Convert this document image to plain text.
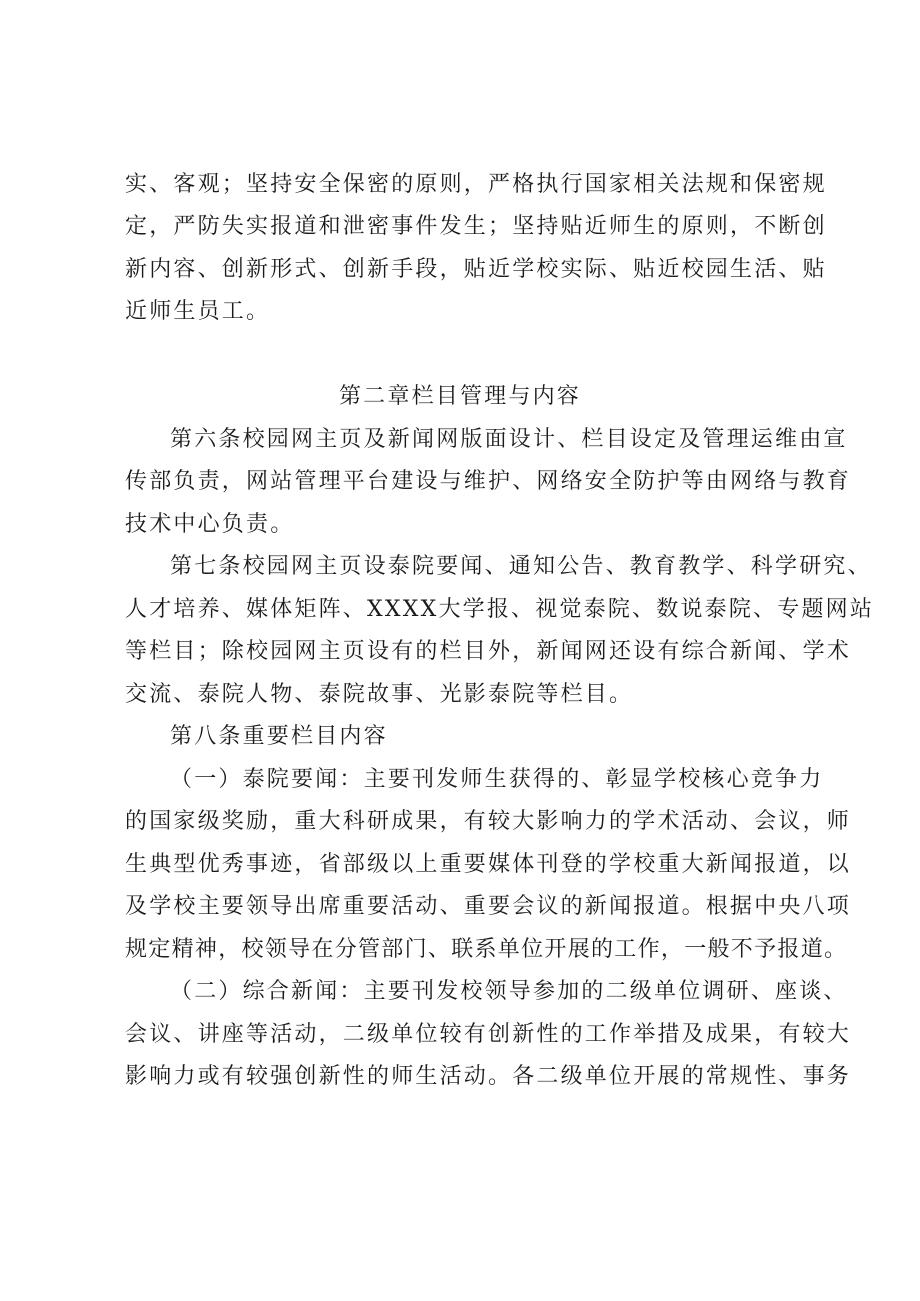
实、客观；坚持安全保密的原则，严格执行国家相关法规和保密规
定，严防失实报道和泄密事件发生；坚持贴近师生的原则，不断创
新内容、创新形式、创新手段，贴近学校实际、贴近校园生活、贴
近师生员工。
第二章栏目管理与内容
第六条校园网主页及新闻网版面设计、栏目设定及管理运维由宣
传部负责，网站管理平台建设与维护、网络安全防护等由网络与教育
技术中心负责。
第七条校园网主页设泰院要闻、通知公告、教育教学、科学研究、
人才培养、媒体矩阵、XXXX大学报、视觉泰院、数说泰院、专题网站
等栏目；除校园网主页设有的栏目外，新闻网还设有综合新闻、学术
交流、泰院人物、泰院故事、光影泰院等栏目。
第八条重要栏目内容
（一）泰院要闻：主要刊发师生获得的、彰显学校核心竞争力
的国家级奖励，重大科研成果，有较大影响力的学术活动、会议，师
生典型优秀事迹，省部级以上重要媒体刊登的学校重大新闻报道，以
及学校主要领导出席重要活动、重要会议的新闻报道。根据中央八项
规定精神，校领导在分管部门、联系单位开展的工作，一般不予报道。
（二）综合新闻：主要刊发校领导参加的二级单位调研、座谈、
会议、讲座等活动，二级单位较有创新性的工作举措及成果，有较大
影响力或有较强创新性的师生活动。各二级单位开展的常规性、事务
